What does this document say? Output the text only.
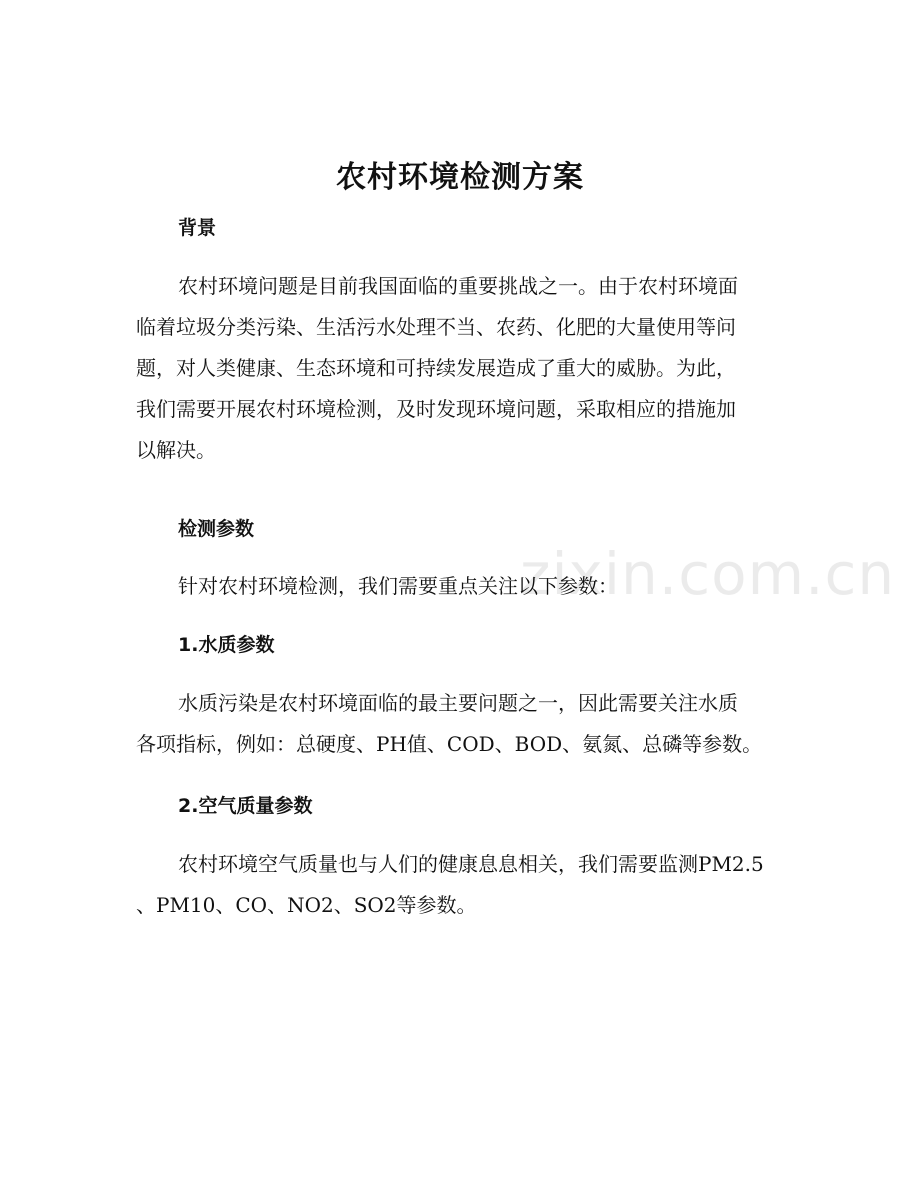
农村环境检测方案
背景
农村环境问题是目前我国面临的重要挑战之一。由于农村环境面
临着垃圾分类污染、生活污水处理不当、农药、化肥的大量使用等问
题，对人类健康、生态环境和可持续发展造成了重大的威胁。为此，
我们需要开展农村环境检测，及时发现环境问题，采取相应的措施加
以解决。
检测参数
针对农村环境检测，我们需要重点关注以下参数：
1.水质参数
水质污染是农村环境面临的最主要问题之一，因此需要关注水质
各项指标，例如：总硬度、PH值、COD、BOD、氨氮、总磷等参数。
2.空气质量参数
农村环境空气质量也与人们的健康息息相关，我们需要监测PM2.5
、PM10、CO、NO2、SO2等参数。
zixin.com.cn
